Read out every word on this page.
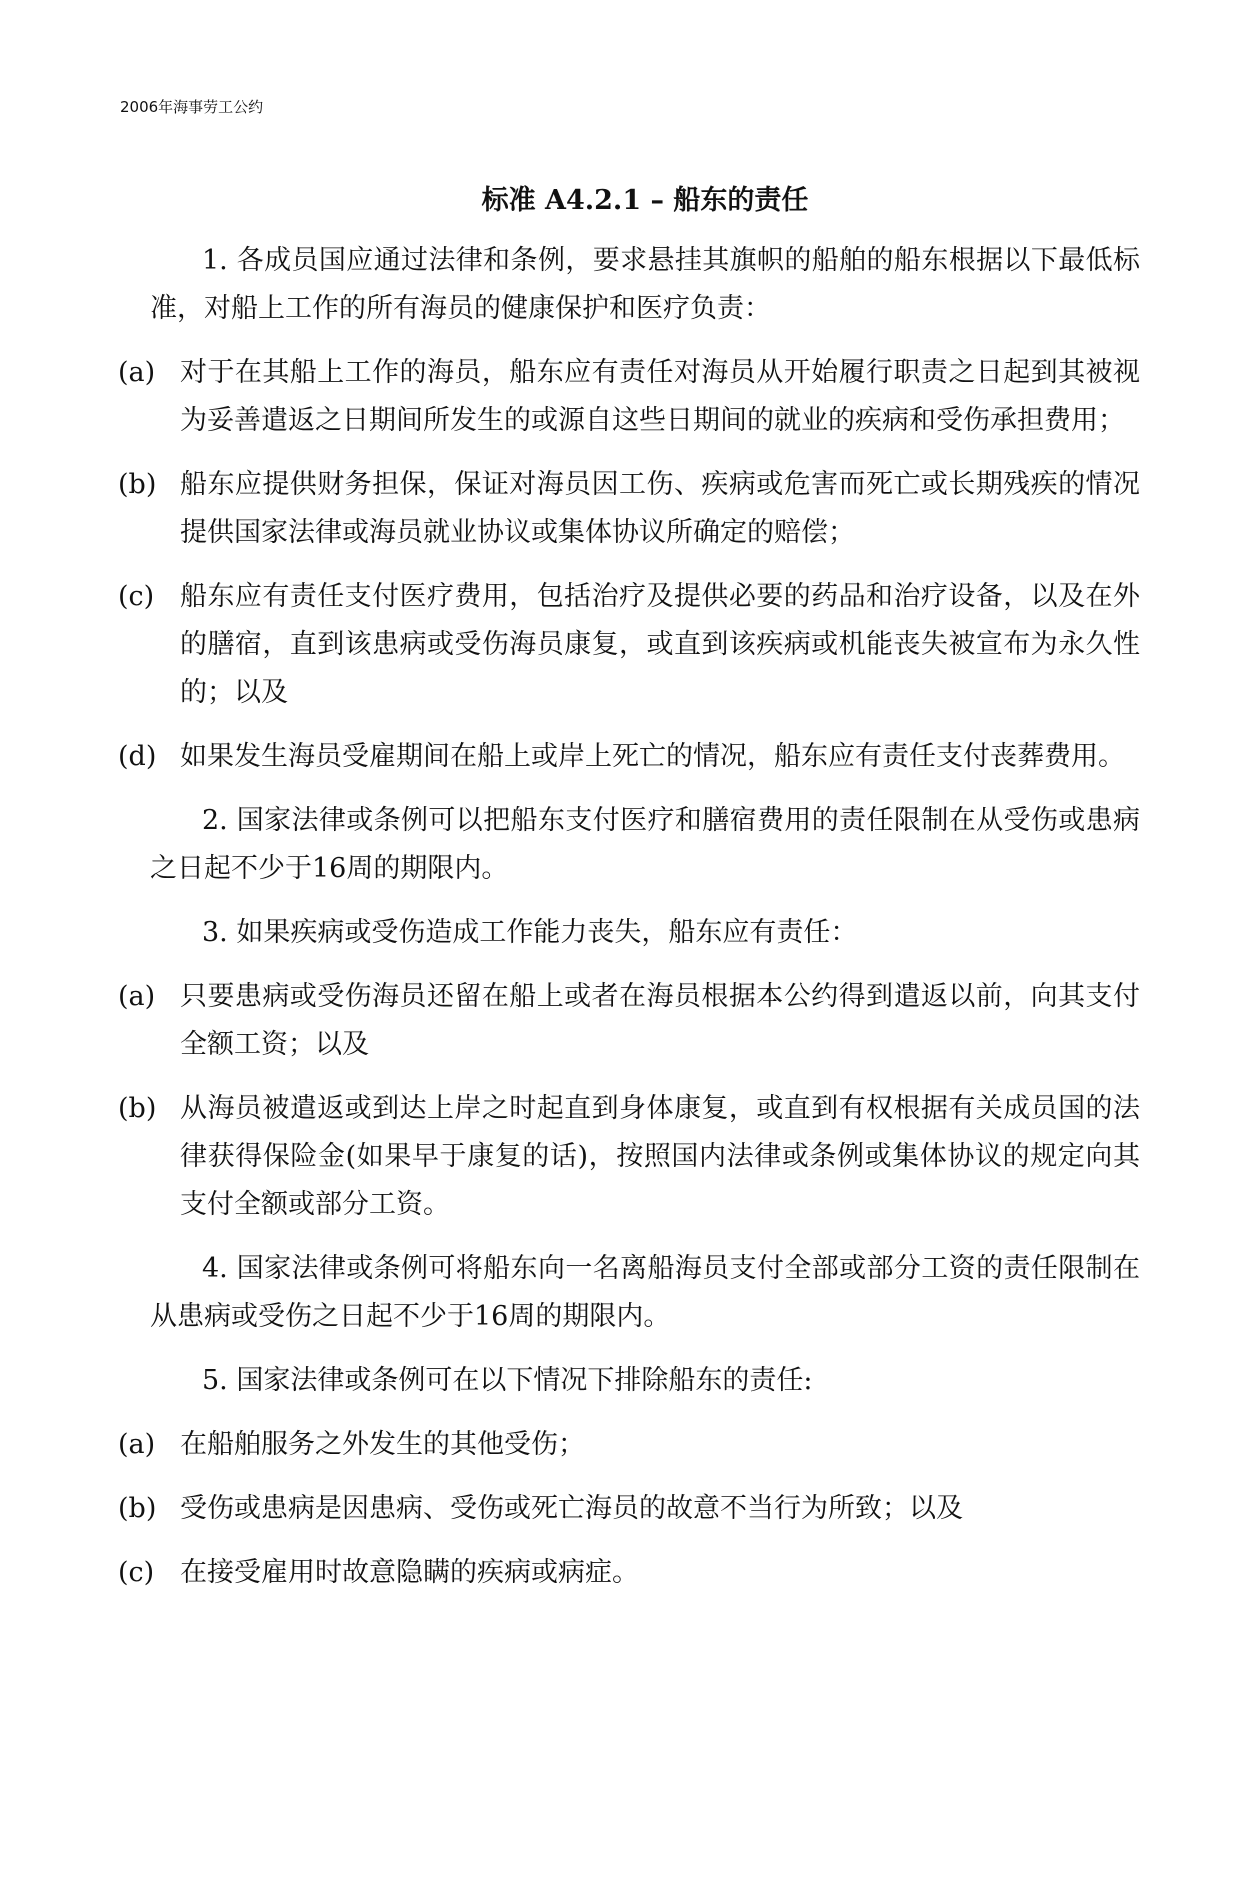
2006年海事劳工公约
标准 A4.2.1 – 船东的责任

1. 各成员国应通过法律和条例，要求悬挂其旗帜的船舶的船东根据以下最低标准，对船上工作的所有海员的健康保护和医疗负责：

(a) 对于在其船上工作的海员，船东应有责任对海员从开始履行职责之日起到其被视为妥善遣返之日期间所发生的或源自这些日期间的就业的疾病和受伤承担费用；
(b) 船东应提供财务担保，保证对海员因工伤、疾病或危害而死亡或长期残疾的情况提供国家法律或海员就业协议或集体协议所确定的赔偿；
(c) 船东应有责任支付医疗费用，包括治疗及提供必要的药品和治疗设备，以及在外的膳宿，直到该患病或受伤海员康复，或直到该疾病或机能丧失被宣布为永久性的；以及
(d) 如果发生海员受雇期间在船上或岸上死亡的情况，船东应有责任支付丧葬费用。

2. 国家法律或条例可以把船东支付医疗和膳宿费用的责任限制在从受伤或患病之日起不少于16周的期限内。

3. 如果疾病或受伤造成工作能力丧失，船东应有责任：

(a) 只要患病或受伤海员还留在船上或者在海员根据本公约得到遣返以前，向其支付全额工资；以及
(b) 从海员被遣返或到达上岸之时起直到身体康复，或直到有权根据有关成员国的法律获得保险金(如果早于康复的话)，按照国内法律或条例或集体协议的规定向其支付全额或部分工资。

4. 国家法律或条例可将船东向一名离船海员支付全部或部分工资的责任限制在从患病或受伤之日起不少于16周的期限内。

5. 国家法律或条例可在以下情况下排除船东的责任:

(a) 在船舶服务之外发生的其他受伤；
(b) 受伤或患病是因患病、受伤或死亡海员的故意不当行为所致；以及
(c) 在接受雇用时故意隐瞒的疾病或病症。
